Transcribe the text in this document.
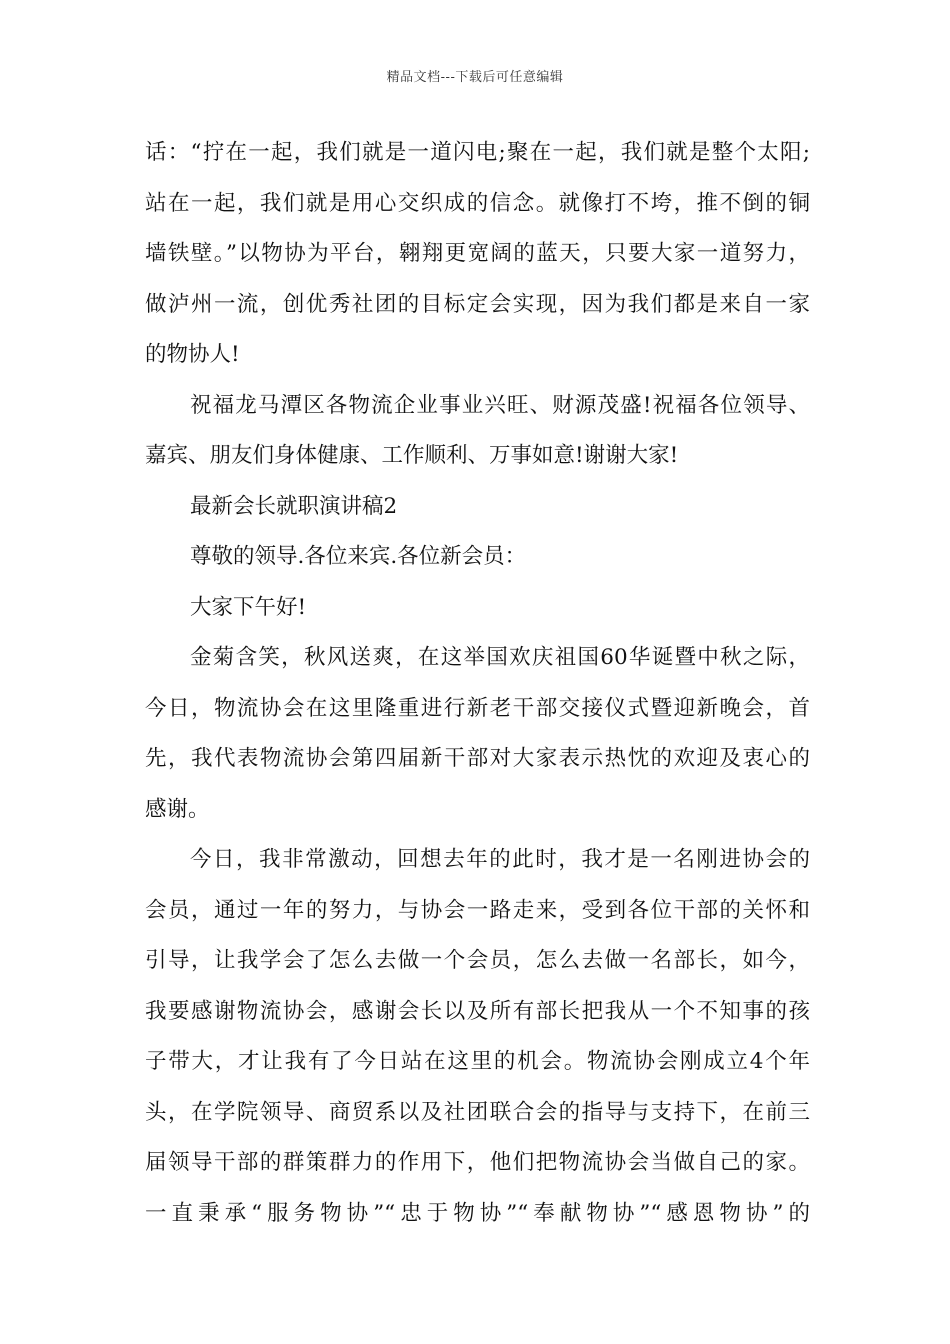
精品文档---下载后可任意编辑
话：“拧在一起，我们就是一道闪电;聚在一起，我们就是整个太阳;
站在一起，我们就是用心交织成的信念。就像打不垮，推不倒的铜
墙铁壁。”以物协为平台，翱翔更宽阔的蓝天，只要大家一道努力，
做泸州一流，创优秀社团的目标定会实现，因为我们都是来自一家
的物协人!
祝福龙马潭区各物流企业事业兴旺、财源茂盛!祝福各位领导、
嘉宾、朋友们身体健康、工作顺利、万事如意!谢谢大家!
最新会长就职演讲稿2
尊敬的领导.各位来宾.各位新会员：
大家下午好!
金菊含笑，秋风送爽，在这举国欢庆祖国60华诞暨中秋之际，
今日，物流协会在这里隆重进行新老干部交接仪式暨迎新晚会，首
先，我代表物流协会第四届新干部对大家表示热忱的欢迎及衷心的
感谢。
今日，我非常激动，回想去年的此时，我才是一名刚进协会的
会员，通过一年的努力，与协会一路走来，受到各位干部的关怀和
引导，让我学会了怎么去做一个会员，怎么去做一名部长，如今，
我要感谢物流协会，感谢会长以及所有部长把我从一个不知事的孩
子带大，才让我有了今日站在这里的机会。物流协会刚成立4个年
头，在学院领导、商贸系以及社团联合会的指导与支持下，在前三
届领导干部的群策群力的作用下，他们把物流协会当做自己的家。
一直秉承“服务物协”“忠于物协”“奉献物协”“感恩物协”的
